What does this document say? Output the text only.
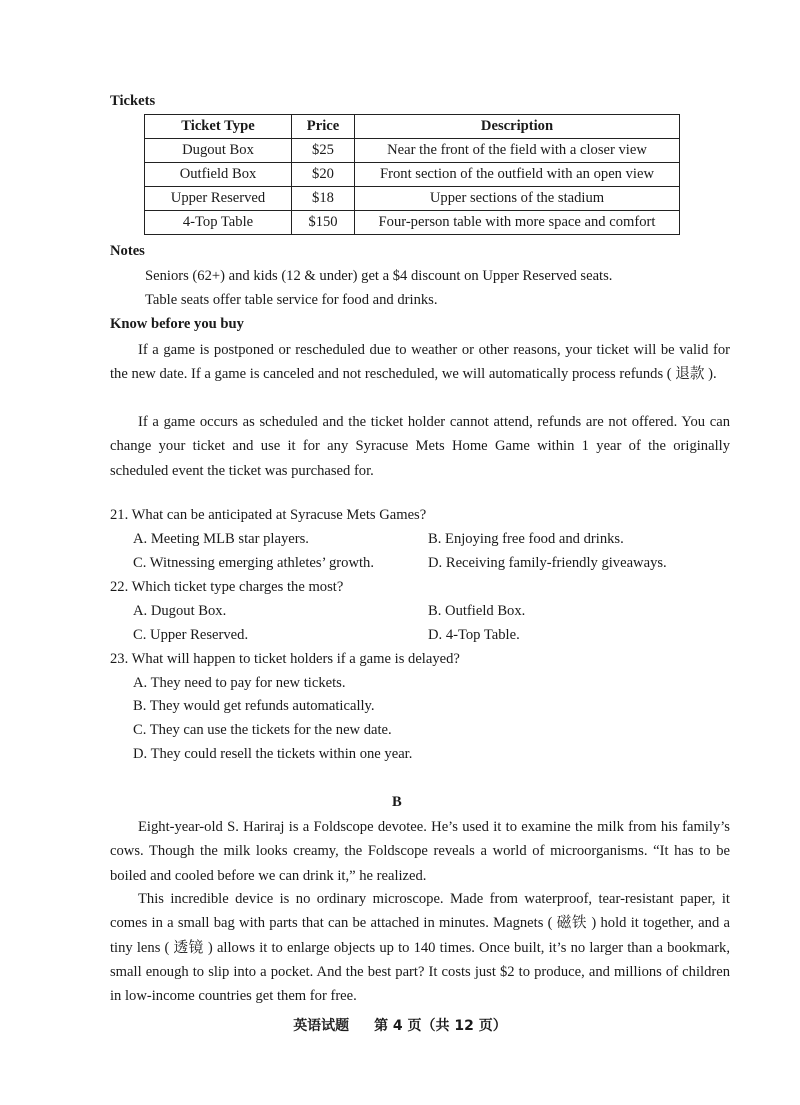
Tickets
Ticket Type	Price	Description
Dugout Box	$25	Near the front of the field with a closer view
Outfield Box	$20	Front section of the outfield with an open view
Upper Reserved	$18	Upper sections of the stadium
4-Top Table	$150	Four-person table with more space and comfort
Notes
Seniors (62+) and kids (12 & under) get a $4 discount on Upper Reserved seats.
Table seats offer table service for food and drinks.
Know before you buy
If a game is postponed or rescheduled due to weather or other reasons, your ticket will be valid for the new date. If a game is canceled and not rescheduled, we will automatically process refunds ( 退款 ).
If a game occurs as scheduled and the ticket holder cannot attend, refunds are not offered. You can change your ticket and use it for any Syracuse Mets Home Game within 1 year of the originally scheduled event the ticket was purchased for.
21. What can be anticipated at Syracuse Mets Games?
A. Meeting MLB star players.	B. Enjoying free food and drinks.
C. Witnessing emerging athletes’ growth.	D. Receiving family-friendly giveaways.
22. Which ticket type charges the most?
A. Dugout Box.	B. Outfield Box.
C. Upper Reserved.	D. 4-Top Table.
23. What will happen to ticket holders if a game is delayed?
A. They need to pay for new tickets.
B. They would get refunds automatically.
C. They can use the tickets for the new date.
D. They could resell the tickets within one year.
B
Eight-year-old S. Hariraj is a Foldscope devotee. He’s used it to examine the milk from his family’s cows. Though the milk looks creamy, the Foldscope reveals a world of microorganisms. “It has to be boiled and cooled before we can drink it,” he realized.
This incredible device is no ordinary microscope. Made from waterproof, tear-resistant paper, it comes in a small bag with parts that can be attached in minutes. Magnets ( 磁铁 ) hold it together, and a tiny lens ( 透镜 ) allows it to enlarge objects up to 140 times. Once built, it’s no larger than a bookmark, small enough to slip into a pocket. And the best part? It costs just $2 to produce, and millions of children in low-income countries get them for free.
英语试题 第 4 页（共 12 页）
